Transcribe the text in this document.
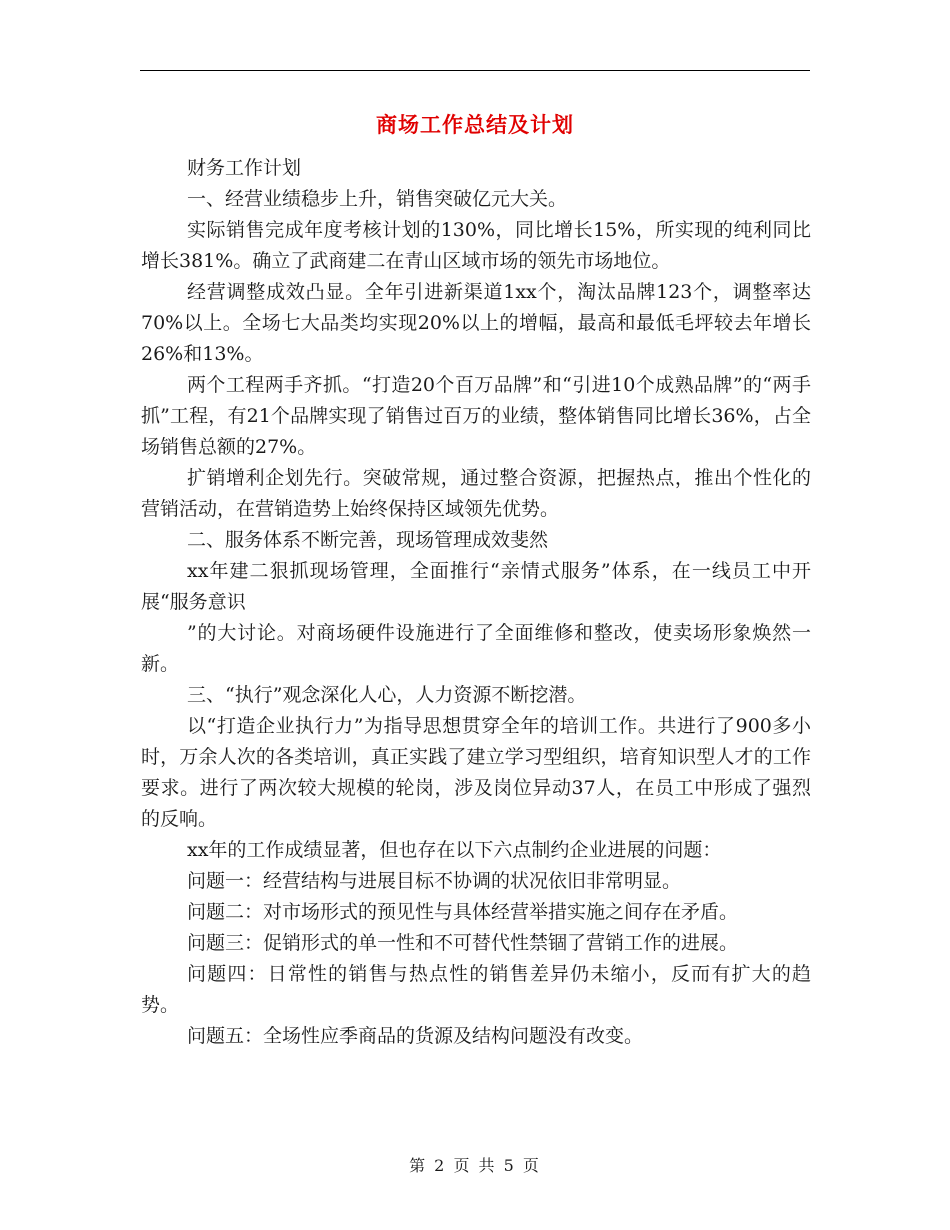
商场工作总结及计划

财务工作计划

一、经营业绩稳步上升，销售突破亿元大关。

实际销售完成年度考核计划的130%，同比增长15%，所实现的纯利同比增长381%。确立了武商建二在青山区域市场的领先市场地位。

经营调整成效凸显。全年引进新渠道1xx个，淘汰品牌123个，调整率达70%以上。全场七大品类均实现20%以上的增幅，最高和最低毛坪较去年增长26%和13%。

两个工程两手齐抓。“打造20个百万品牌”和“引进10个成熟品牌”的“两手抓”工程，有21个品牌实现了销售过百万的业绩，整体销售同比增长36%，占全场销售总额的27%。

扩销增利企划先行。突破常规，通过整合资源，把握热点，推出个性化的营销活动，在营销造势上始终保持区域领先优势。

二、服务体系不断完善，现场管理成效斐然

xx年建二狠抓现场管理，全面推行“亲情式服务”体系，在一线员工中开展“服务意识

”的大讨论。对商场硬件设施进行了全面维修和整改，使卖场形象焕然一新。

三、“执行”观念深化人心，人力资源不断挖潜。

以“打造企业执行力”为指导思想贯穿全年的培训工作。共进行了900多小时，万余人次的各类培训，真正实践了建立学习型组织，培育知识型人才的工作要求。进行了两次较大规模的轮岗，涉及岗位异动37人，在员工中形成了强烈的反响。

xx年的工作成绩显著，但也存在以下六点制约企业进展的问题：

问题一：经营结构与进展目标不协调的状况依旧非常明显。

问题二：对市场形式的预见性与具体经营举措实施之间存在矛盾。

问题三：促销形式的单一性和不可替代性禁锢了营销工作的进展。

问题四：日常性的销售与热点性的销售差异仍未缩小，反而有扩大的趋势。

问题五：全场性应季商品的货源及结构问题没有改变。

第 2 页 共 5 页
